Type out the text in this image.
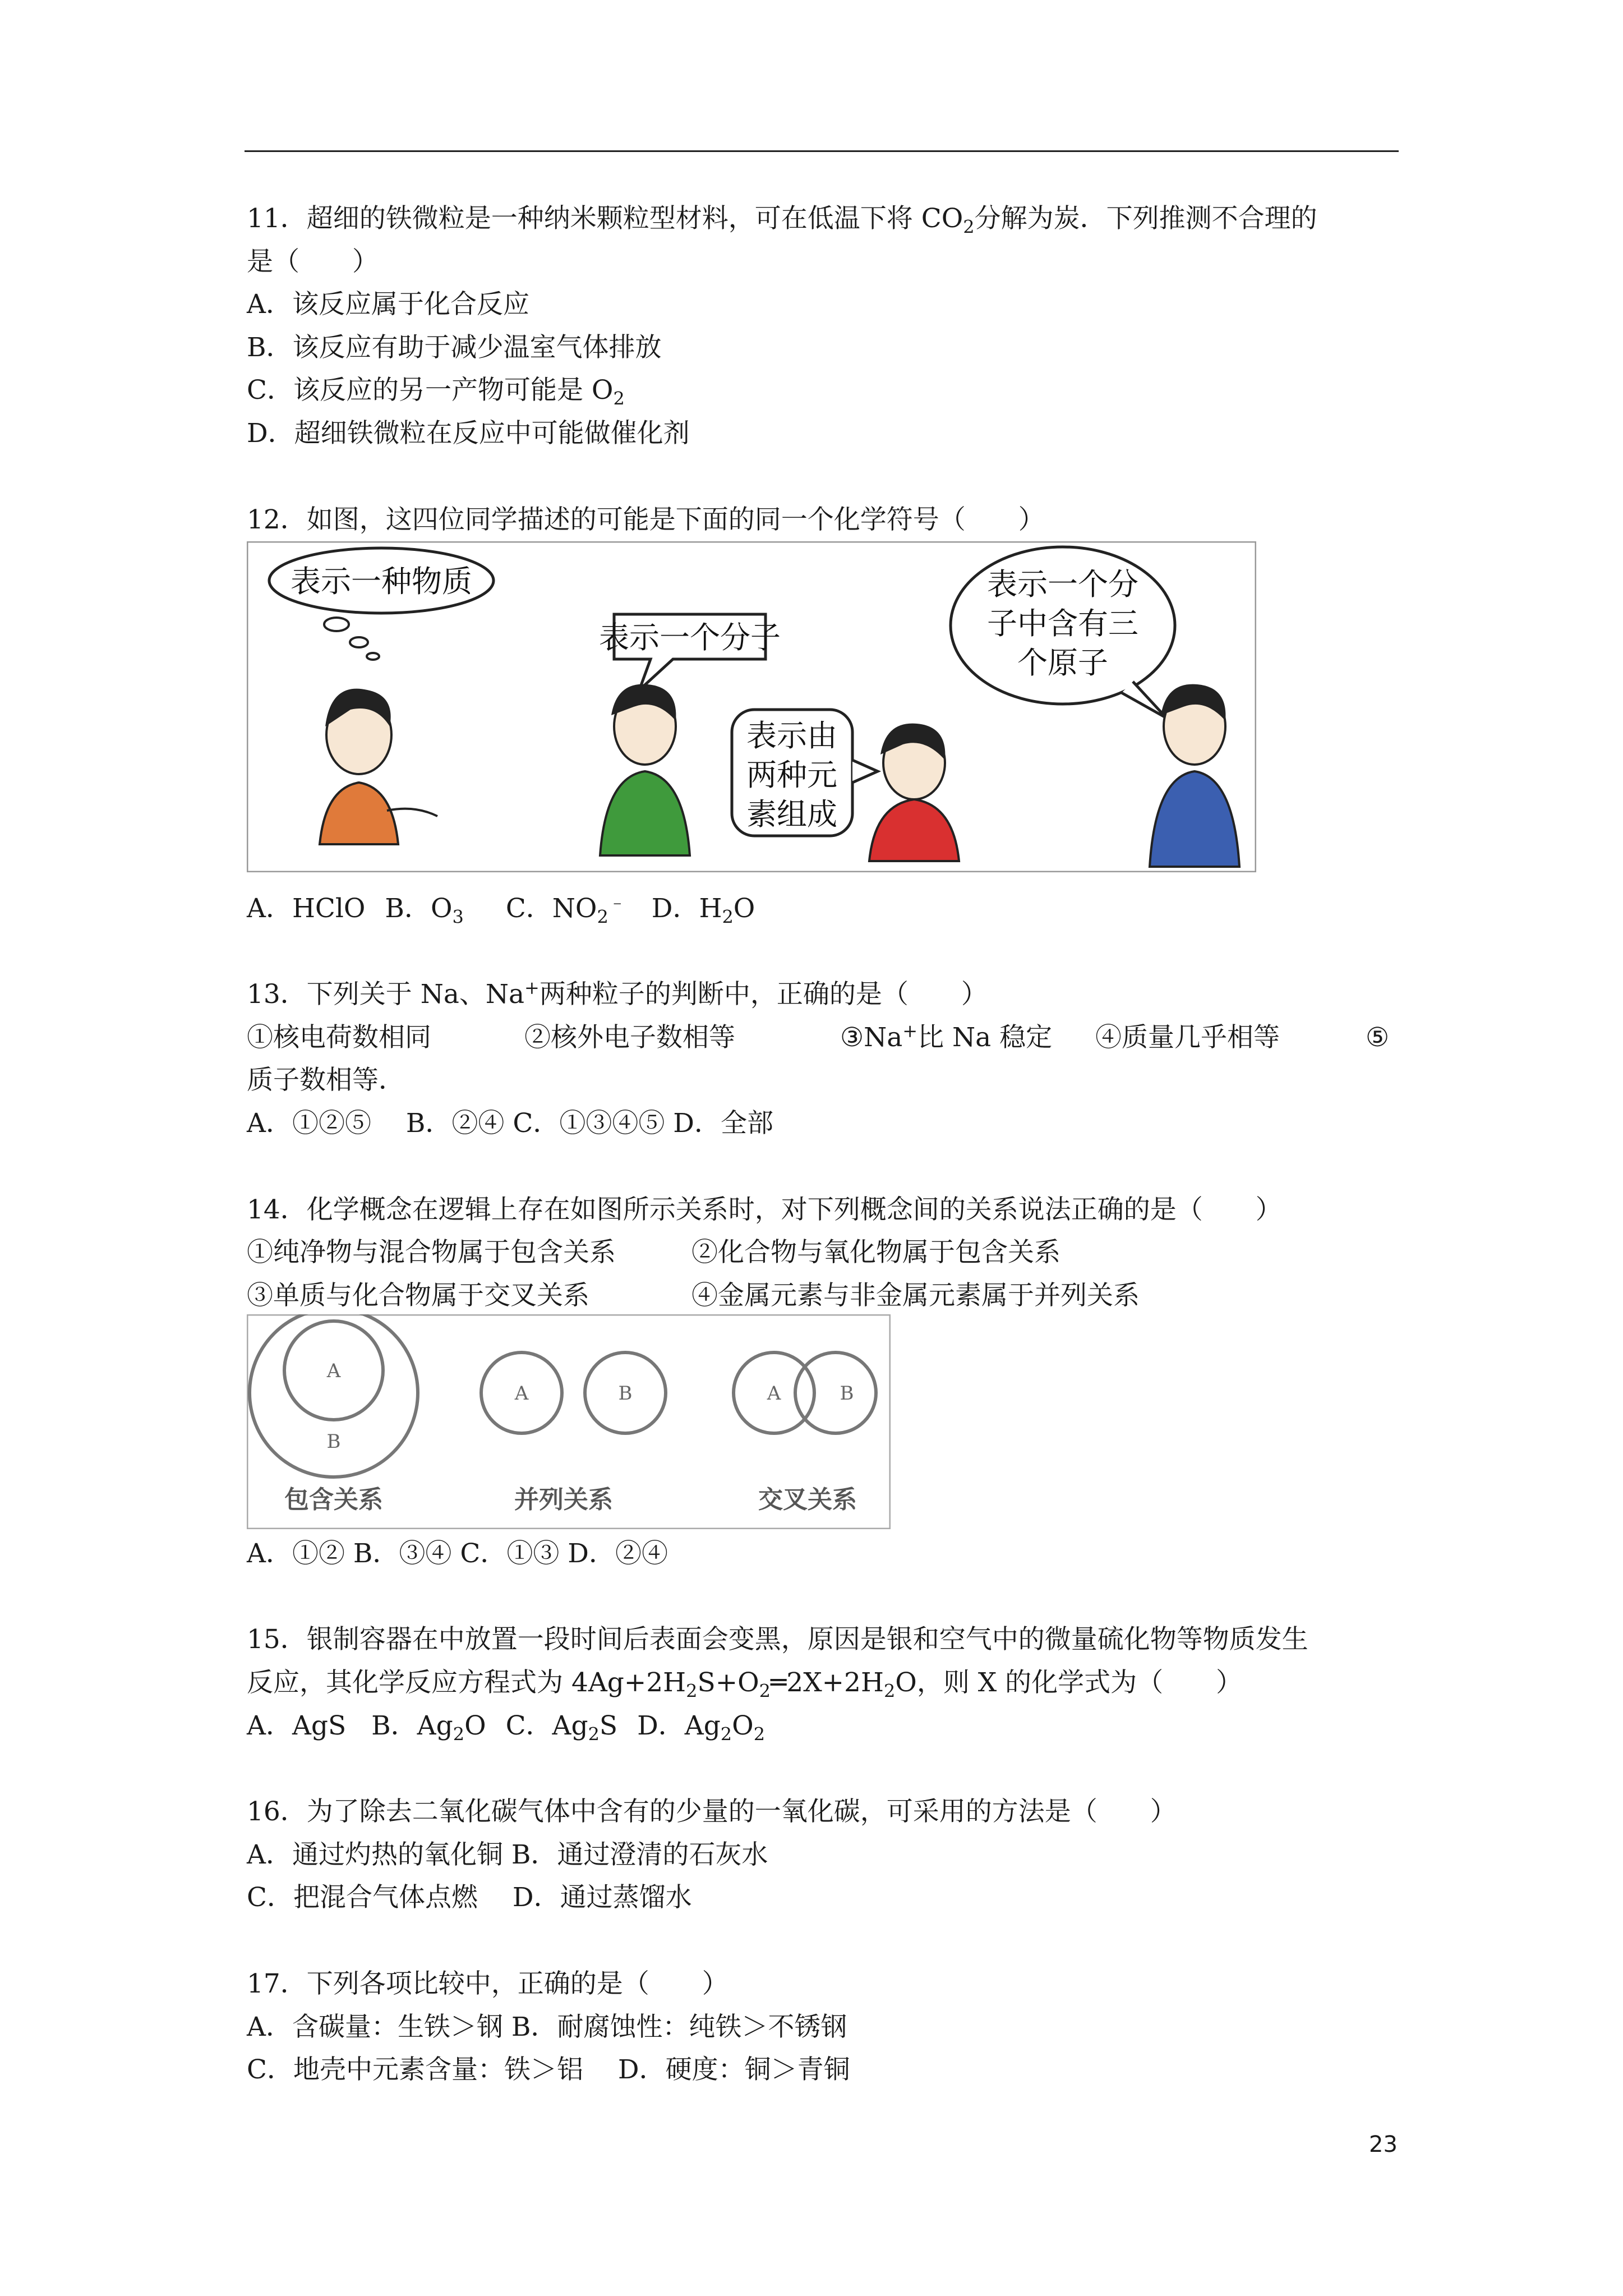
11．超细的铁微粒是一种纳米颗粒型材料，可在低温下将 $CO_2$分解为炭．下列推测不合理的
是（　　）
A．该反应属于化合反应
B．该反应有助于减少温室气体排放
C．该反应的另一产物可能是 $O_2$
D．超细铁微粒在反应中可能做催化剂
12．如图，这四位同学描述的可能是下面的同一个化学符号（　　）
表示一种物质
表示一个分子
表示由
两种元
素组成
表示一个分
子中含有三
个原子
A．HClO B．$O_3$ C．$NO_2^﹣$ D．$H_2O$
13．下列关于 Na、Na+两种粒子的判断中，正确的是（　　）
①核电荷数相同	②核外电子数相等	③Na+比 Na 稳定 ④质量几乎相等	⑤
质子数相等．
A．①②⑤　 B．②④ C．①③④⑤ D．全部
14．化学概念在逻辑上存在如图所示关系时，对下列概念间的关系说法正确的是（　　）
①纯净物与混合物属于包含关系	②化合物与氧化物属于包含关系
③单质与化合物属于交叉关系	④金属元素与非金属元素属于并列关系
A
B
包含关系
A	B
并列关系
A	B
交叉关系
A．①② B．③④ C．①③ D．②④
15．银制容器在中放置一段时间后表面会变黑，原因是银和空气中的微量硫化物等物质发生
反应，其化学反应方程式为 $4Ag+2H_2S+O_2═2X+2H_2O$，则 X 的化学式为（　　）
A．AgS B．$Ag_2O$ C．$Ag_2S$ D．$Ag_2O_2$
16．为了除去二氧化碳气体中含有的少量的一氧化碳，可采用的方法是（　　）
A．通过灼热的氧化铜 B．通过澄清的石灰水
C．把混合气体点燃　 D．通过蒸馏水
17．下列各项比较中，正确的是（　　）
A．含碳量：生铁＞钢 B．耐腐蚀性：纯铁＞不锈钢
C．地壳中元素含量：铁＞铝　 D．硬度：铜＞青铜
23
